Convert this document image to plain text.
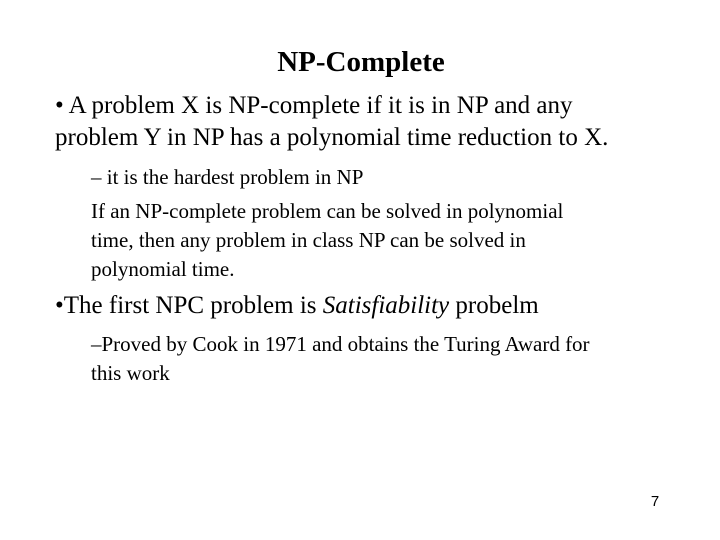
NP-Complete
• A problem X is NP-complete if it is in NP and any
problem Y in NP has a polynomial time reduction to X.
– it is the hardest problem in NP
If an NP-complete problem can be solved in polynomial
time, then any problem in class NP can be solved in
polynomial time.
•The first NPC problem is Satisfiability probelm
–Proved by Cook in 1971 and obtains the Turing Award for
this work
7
